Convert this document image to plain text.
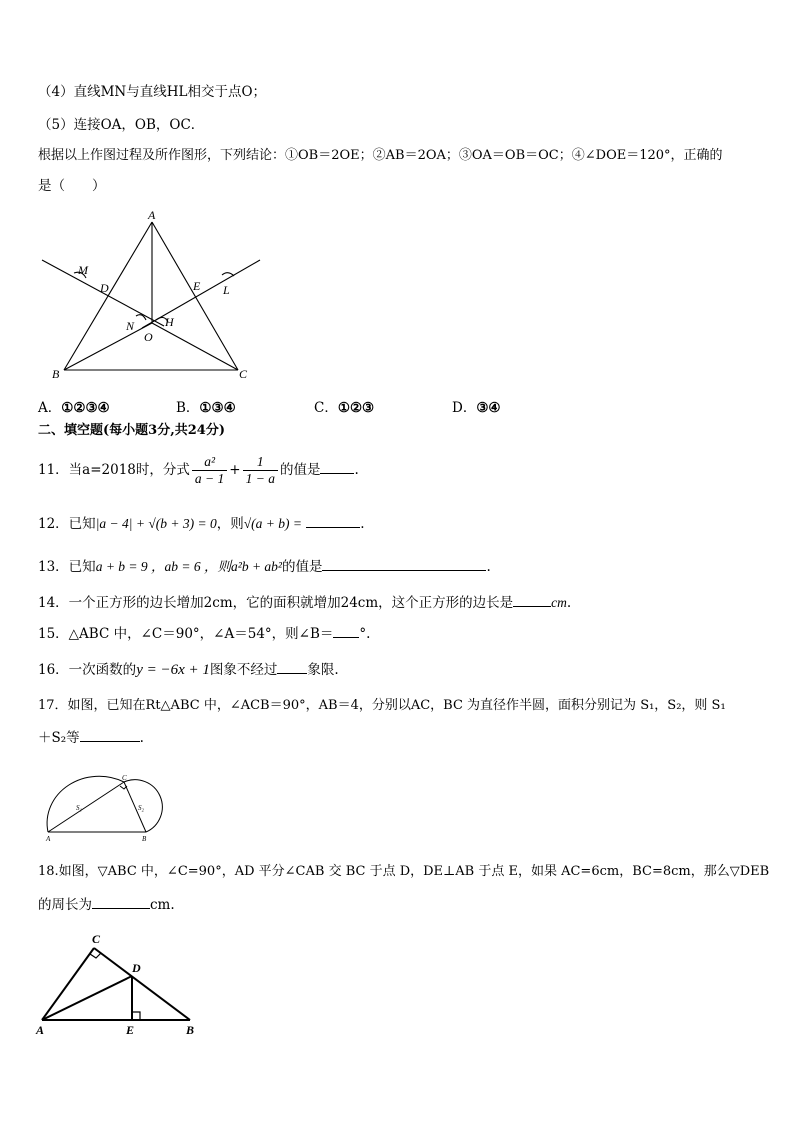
（4）直线MN与直线HL相交于点O；
（5）连接OA，OB，OC．
根据以上作图过程及所作图形，下列结论：①OB＝2OE；②AB＝2OA；③OA＝OB＝OC；④∠DOE＝120°，正确的
是（　　）
A
M
D	E L
N	H
O
B	C
A．①②③④	B．①③④	C．①②③	D．③④
二、填空题(每小题3分,共24分)
11．当a=2018时，分式 $\frac{\text{a²}}{a - 1} + \frac{1}{1 - a}$ 的值是	.
12．已知|a − 4| + √(b + 3) = 0，则√(a + b) =	.
13．已知a + b = 9 ，ab = 6 ，则a²b + ab²的值是	.
14．一个正方形的边长增加2cm，它的面积就增加24cm，这个正方形的边长是	cm.
15．△ABC 中，∠C＝90°，∠A＝54°，则∠B＝ °.
16．一次函数的y = −6x + 1图象不经过 象限.
17．如图，已知在Rt△ABC 中，∠ACB＝90°，AB＝4，分别以AC，BC 为直径作半圆，面积分别记为 S₁，S₂，则 S₁
＋S₂等	.
C
S₁	S₂
A	B
18.如图，▽ABC 中，∠C=90°，AD 平分∠CAB 交 BC 于点 D，DE⊥AB 于点 E，如果 AC=6cm，BC=8cm，那么▽DEB
的周长为	cm.
C
D
A	E	B
